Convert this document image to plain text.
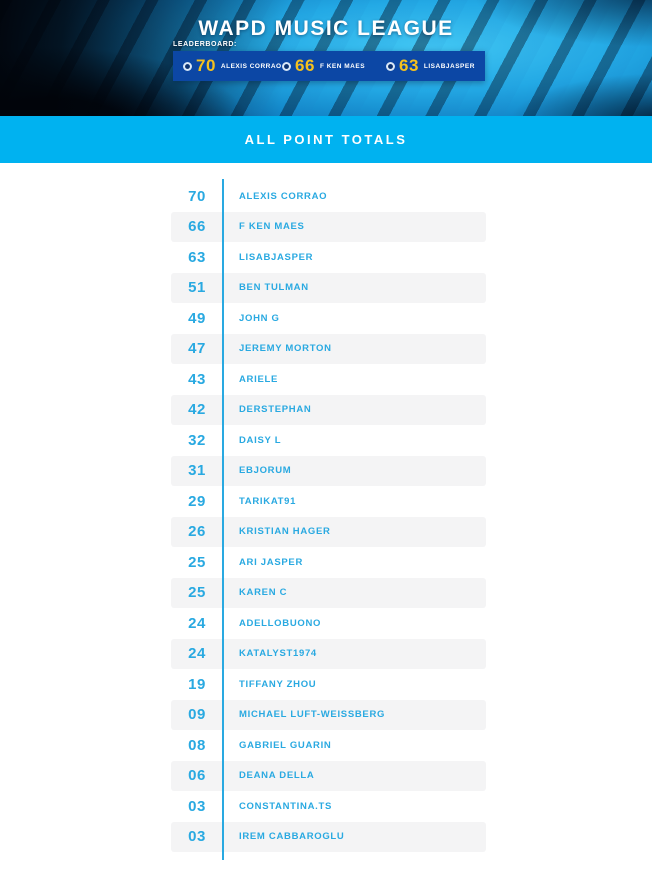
WAPD MUSIC LEAGUE
LEADERBOARD:
70 ALEXIS CORRAO 66 F KEN MAES 63 LISABJASPER
ALL POINT TOTALS
70	ALEXIS CORRAO
66	F KEN MAES
63	LISABJASPER
51	BEN TULMAN
49	JOHN G
47	JEREMY MORTON
43	ARIELE
42	DERSTEPHAN
32	DAISY L
31	EBJORUM
29	TARIKAT91
26	KRISTIAN HAGER
25	ARI JASPER
25	KAREN C
24	ADELLOBUONO
24	KATALYST1974
19	TIFFANY ZHOU
09	MICHAEL LUFT-WEISSBERG
08	GABRIEL GUARIN
06	DEANA DELLA
03	CONSTANTINA.TS
03	IREM CABBAROGLU
